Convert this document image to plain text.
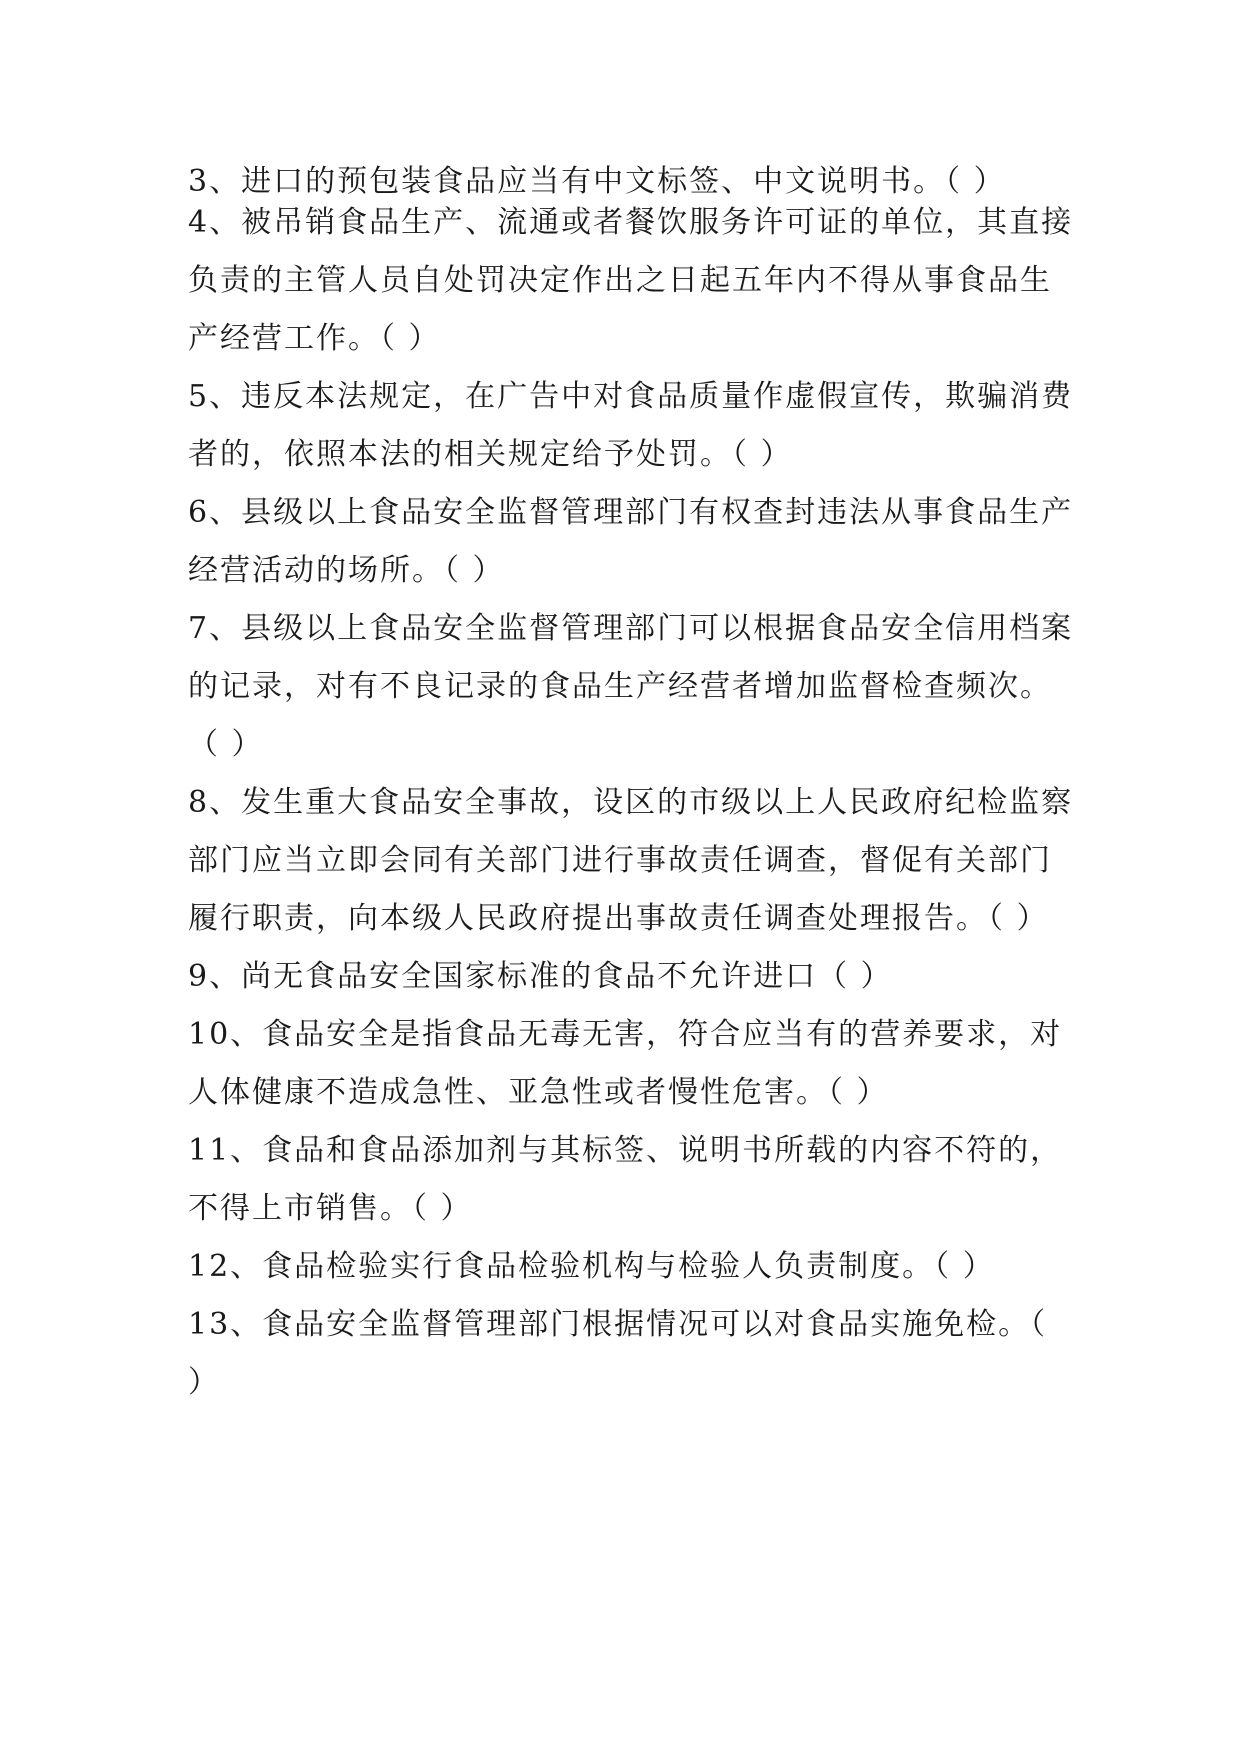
3、进口的预包装食品应当有中文标签、中文说明书。（ ）
4、被吊销食品生产、流通或者餐饮服务许可证的单位，其直接
负责的主管人员自处罚决定作出之日起五年内不得从事食品生
产经营工作。（ ）
5、违反本法规定，在广告中对食品质量作虚假宣传，欺骗消费
者的，依照本法的相关规定给予处罚。（ ）
6、县级以上食品安全监督管理部门有权查封违法从事食品生产
经营活动的场所。（ ）
7、县级以上食品安全监督管理部门可以根据食品安全信用档案
的记录，对有不良记录的食品生产经营者增加监督检查频次。
（ ）
8、发生重大食品安全事故，设区的市级以上人民政府纪检监察
部门应当立即会同有关部门进行事故责任调查，督促有关部门
履行职责，向本级人民政府提出事故责任调查处理报告。（ ）
9、尚无食品安全国家标准的食品不允许进口（ ）
10、食品安全是指食品无毒无害，符合应当有的营养要求，对
人体健康不造成急性、亚急性或者慢性危害。（ ）
11、食品和食品添加剂与其标签、说明书所载的内容不符的，
不得上市销售。（ ）
12、食品检验实行食品检验机构与检验人负责制度。（ ）
13、食品安全监督管理部门根据情况可以对食品实施免检。（
）
